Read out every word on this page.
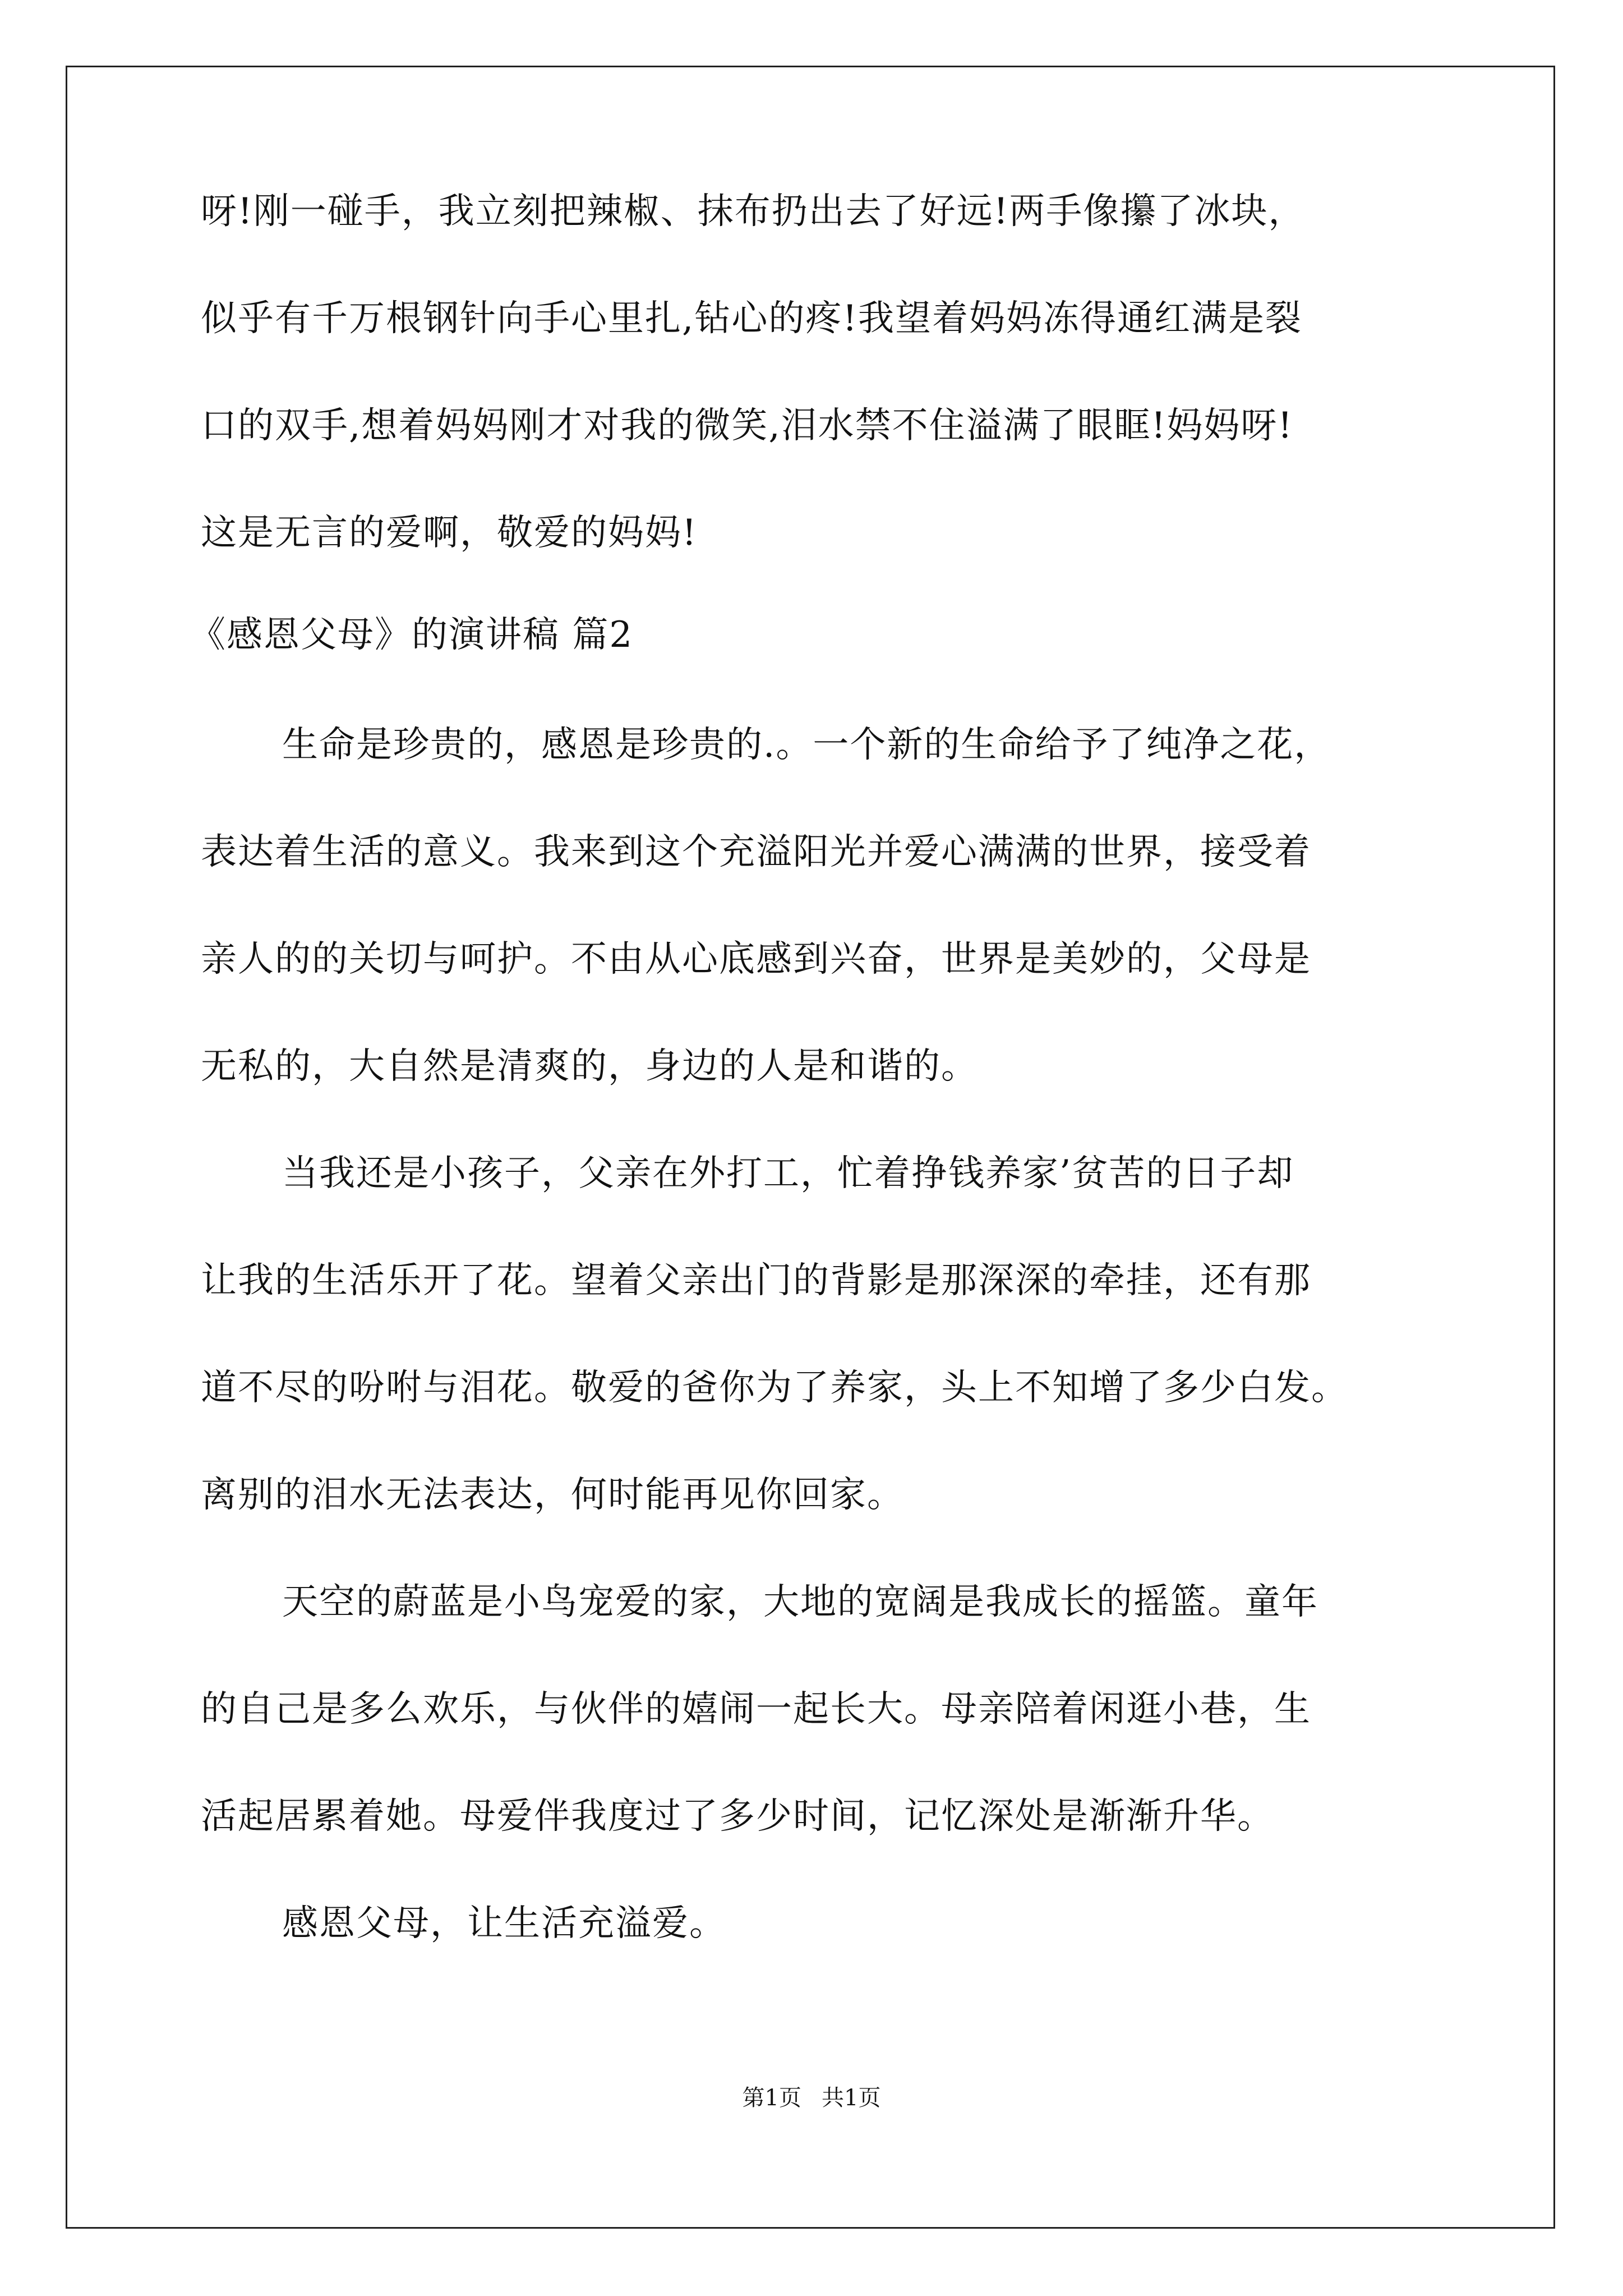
呀!刚一碰手，我立刻把辣椒、抹布扔出去了好远!两手像攥了冰块，
似乎有千万根钢针向手心里扎,钻心的疼!我望着妈妈冻得通红满是裂
口的双手,想着妈妈刚才对我的微笑,泪水禁不住溢满了眼眶!妈妈呀!
这是无言的爱啊，敬爱的妈妈!
《感恩父母》的演讲稿 篇2
生命是珍贵的，感恩是珍贵的.。一个新的生命给予了纯净之花，
表达着生活的意义。我来到这个充溢阳光并爱心满满的世界，接受着
亲人的的关切与呵护。不由从心底感到兴奋，世界是美妙的，父母是
无私的，大自然是清爽的，身边的人是和谐的。
当我还是小孩子，父亲在外打工，忙着挣钱养家’贫苦的日子却
让我的生活乐开了花。望着父亲出门的背影是那深深的牵挂，还有那
道不尽的吩咐与泪花。敬爱的爸你为了养家，头上不知增了多少白发。
离别的泪水无法表达，何时能再见你回家。
天空的蔚蓝是小鸟宠爱的家，大地的宽阔是我成长的摇篮。童年
的自己是多么欢乐，与伙伴的嬉闹一起长大。母亲陪着闲逛小巷，生
活起居累着她。母爱伴我度过了多少时间，记忆深处是渐渐升华。
感恩父母，让生活充溢爱。
第1页 共1页
